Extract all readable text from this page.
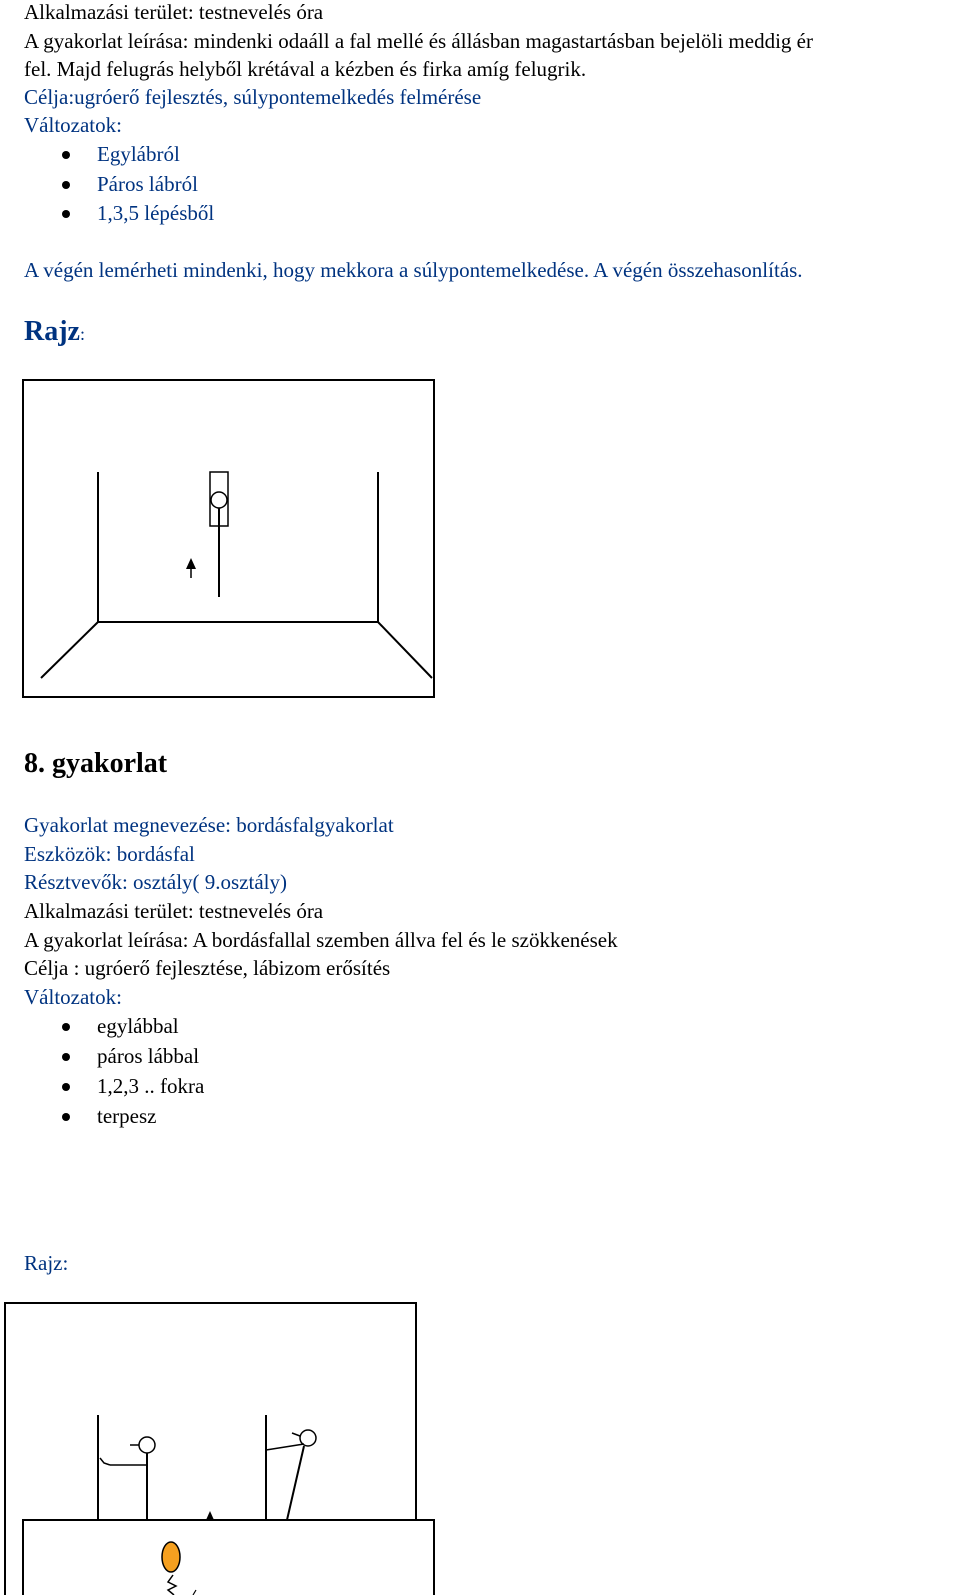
Alkalmazási terület: testnevelés óra
A gyakorlat leírása: mindenki odaáll a fal mellé és állásban magastartásban bejelöli meddig ér
fel. Majd felugrás helyből krétával a kézben és firka amíg felugrik.
Célja:ugróerő fejlesztés, súlypontemelkedés felmérése
Változatok:
Egylábról
Páros lábról
1,3,5 lépésből
A végén lemérheti mindenki, hogy mekkora a súlypontemelkedése. A végén összehasonlítás.
Rajz:
8. gyakorlat
Gyakorlat megnevezése: bordásfalgyakorlat
Eszközök: bordásfal
Résztvevők: osztály( 9.osztály)
Alkalmazási terület: testnevelés óra
A gyakorlat leírása: A bordásfallal szemben állva fel és le szökkenések
Célja : ugróerő fejlesztése, lábizom erősítés
Változatok:
egylábbal
páros lábbal
1,2,3 .. fokra
terpesz
Rajz:
